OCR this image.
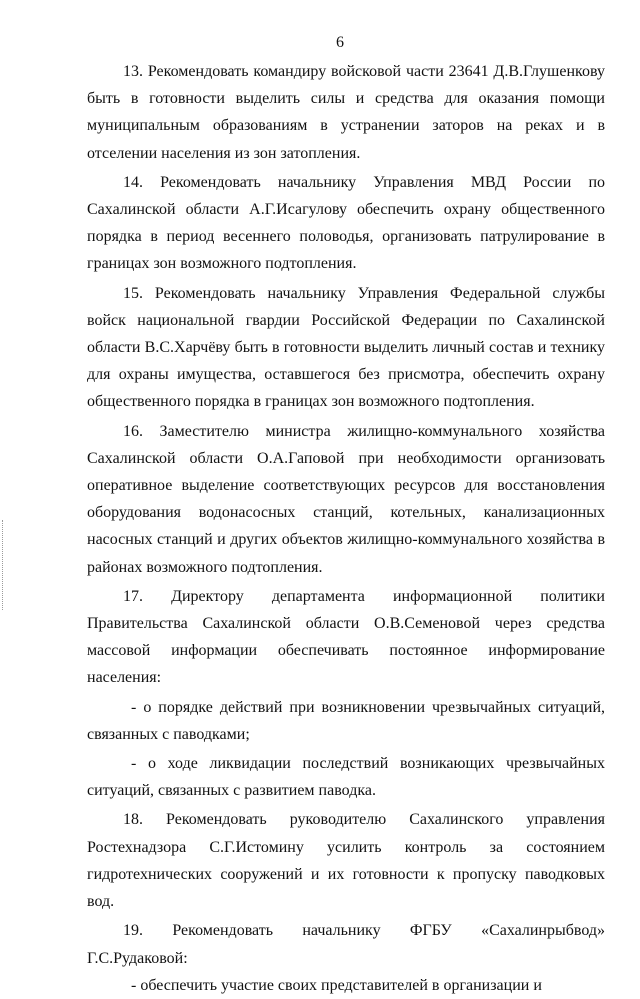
6

13. Рекомендовать командиру войсковой части 23641 Д.В.Глушенкову быть в готовности выделить силы и средства для оказания помощи муниципальным образованиям в устранении заторов на реках и в отселении населения из зон затопления.

14. Рекомендовать начальнику Управления МВД России по Сахалинской области А.Г.Исагулову обеспечить охрану общественного порядка в период весеннего половодья, организовать патрулирование в границах зон возможного подтопления.

15. Рекомендовать начальнику Управления Федеральной службы войск национальной гвардии Российской Федерации по Сахалинской области В.С.Харчёву быть в готовности выделить личный состав и технику для охраны имущества, оставшегося без присмотра, обеспечить охрану общественного порядка в границах зон возможного подтопления.

16. Заместителю министра жилищно-коммунального хозяйства Сахалинской области О.А.Гаповой при необходимости организовать оперативное выделение соответствующих ресурсов для восстановления оборудования водонасосных станций, котельных, канализационных насосных станций и других объектов жилищно-коммунального хозяйства в районах возможного подтопления.

17. Директору департамента информационной политики Правительства Сахалинской области О.В.Семеновой через средства массовой информации обеспечивать постоянное информирование населения:

- о порядке действий при возникновении чрезвычайных ситуаций, связанных с паводками;

- о ходе ликвидации последствий возникающих чрезвычайных ситуаций, связанных с развитием паводка.

18. Рекомендовать руководителю Сахалинского управления Ростехнадзора С.Г.Истомину усилить контроль за состоянием гидротехнических сооружений и их готовности к пропуску паводковых вод.

19. Рекомендовать начальнику ФГБУ «Сахалинрыбвод» Г.С.Рудаковой:

- обеспечить участие своих представителей в организации и
